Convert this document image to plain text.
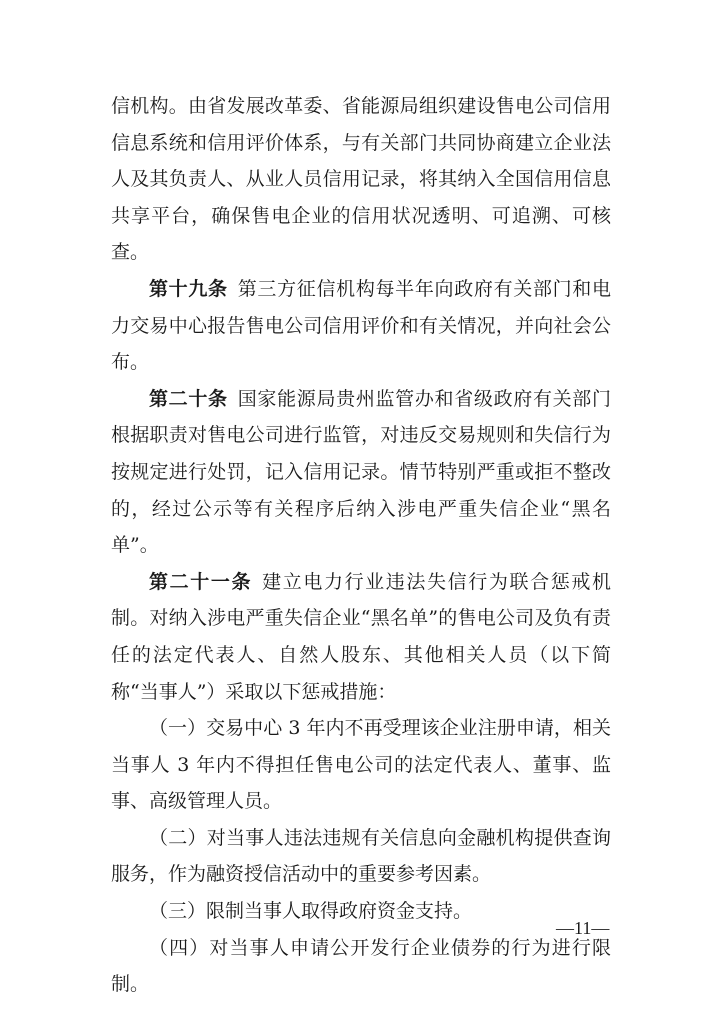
信机构。由省发展改革委、省能源局组织建设售电公司信用信息系统和信用评价体系，与有关部门共同协商建立企业法人及其负责人、从业人员信用记录，将其纳入全国信用信息共享平台，确保售电企业的信用状况透明、可追溯、可核查。

第十九条 第三方征信机构每半年向政府有关部门和电力交易中心报告售电公司信用评价和有关情况，并向社会公布。

第二十条 国家能源局贵州监管办和省级政府有关部门根据职责对售电公司进行监管，对违反交易规则和失信行为按规定进行处罚，记入信用记录。情节特别严重或拒不整改的，经过公示等有关程序后纳入涉电严重失信企业“黑名单”。

第二十一条 建立电力行业违法失信行为联合惩戒机制。对纳入涉电严重失信企业“黑名单”的售电公司及负有责任的法定代表人、自然人股东、其他相关人员（以下简称“当事人”）采取以下惩戒措施：

（一）交易中心 3 年内不再受理该企业注册申请，相关当事人 3 年内不得担任售电公司的法定代表人、董事、监事、高级管理人员。

（二）对当事人违法违规有关信息向金融机构提供查询服务，作为融资授信活动中的重要参考因素。

（三）限制当事人取得政府资金支持。

（四）对当事人申请公开发行企业债券的行为进行限制。

—11—
